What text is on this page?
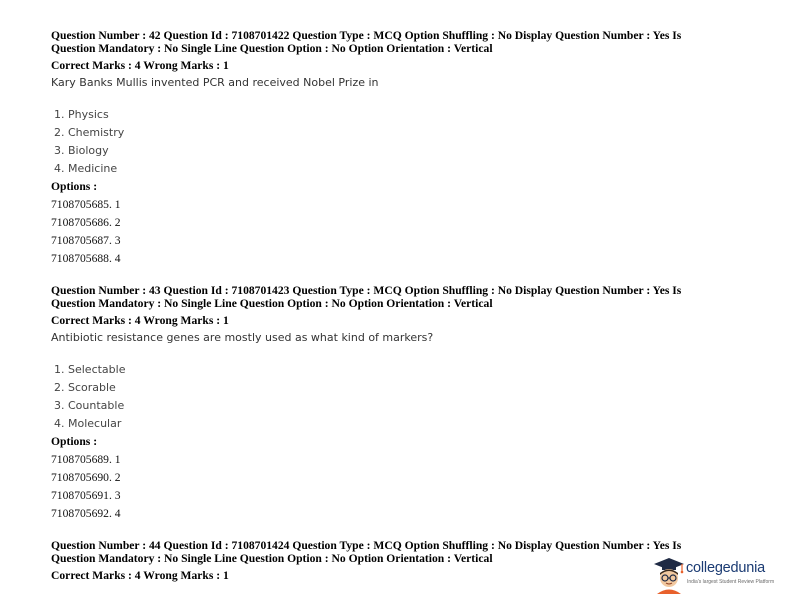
Question Number : 42 Question Id : 7108701422 Question Type : MCQ Option Shuffling : No Display Question Number : Yes Is
Question Mandatory : No Single Line Question Option : No Option Orientation : Vertical
Correct Marks : 4 Wrong Marks : 1
Kary Banks Mullis invented PCR and received Nobel Prize in
1. Physics
2. Chemistry
3. Biology
4. Medicine
Options :
7108705685. 1
7108705686. 2
7108705687. 3
7108705688. 4
Question Number : 43 Question Id : 7108701423 Question Type : MCQ Option Shuffling : No Display Question Number : Yes Is
Question Mandatory : No Single Line Question Option : No Option Orientation : Vertical
Correct Marks : 4 Wrong Marks : 1
Antibiotic resistance genes are mostly used as what kind of markers?
1. Selectable
2. Scorable
3. Countable
4. Molecular
Options :
7108705689. 1
7108705690. 2
7108705691. 3
7108705692. 4
Question Number : 44 Question Id : 7108701424 Question Type : MCQ Option Shuffling : No Display Question Number : Yes Is
Question Mandatory : No Single Line Question Option : No Option Orientation : Vertical
Correct Marks : 4 Wrong Marks : 1	collegedunia
India's largest Student Review Platform
